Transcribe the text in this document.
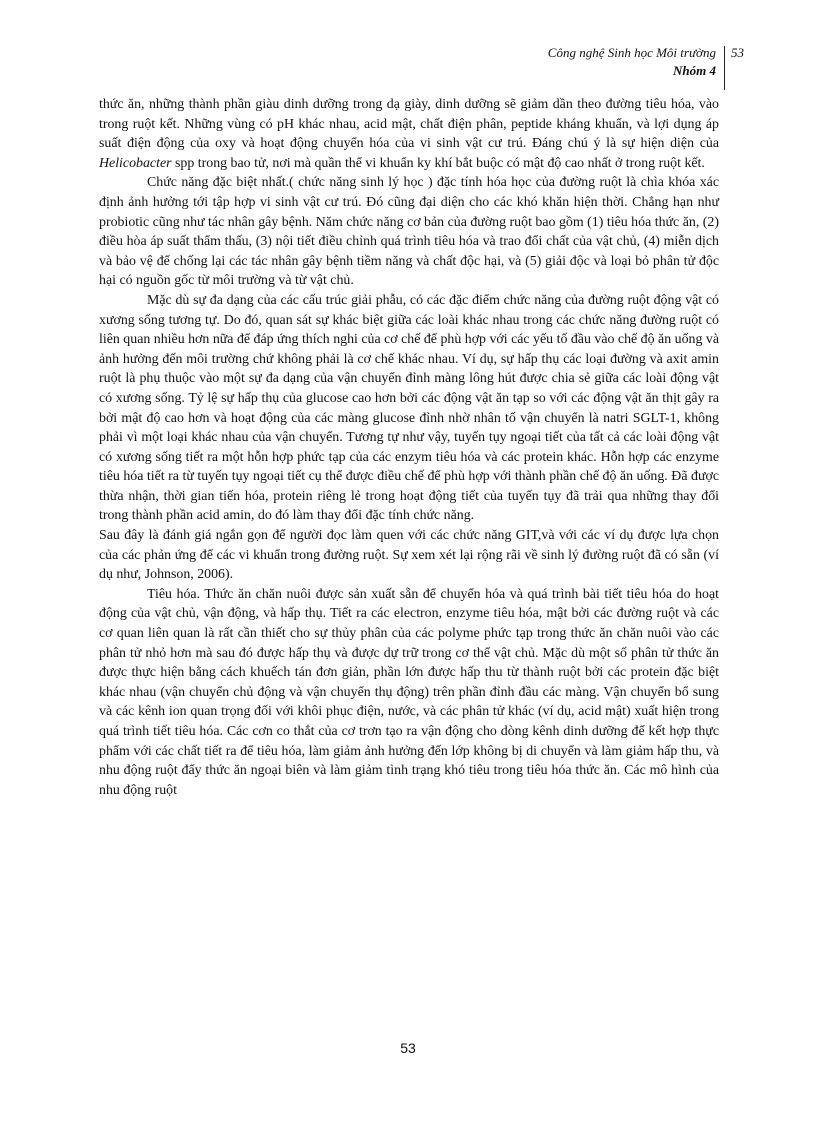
Công nghệ Sinh học Môi trường
Nhóm 4
53

thức ăn, những thành phần giàu dinh dưỡng trong dạ giày, dinh dưỡng sẽ giảm dần theo đường tiêu hóa, vào trong ruột kết. Những vùng có pH khác nhau, acid mật, chất điện phân, peptide kháng khuẩn, và lợi dụng áp suất điện động của oxy và hoạt động chuyển hóa của vi sinh vật cư trú. Đáng chú ý là sự hiện diện của Helicobacter spp trong bao tử, nơi mà quần thể vi khuẩn ky khí bắt buộc có mật độ cao nhất ở trong ruột kết.

Chức năng đặc biệt nhất.( chức năng sinh lý học ) đặc tính hóa học của đường ruột là chìa khóa xác định ảnh hưởng tới tập hợp vi sinh vật cư trú. Đó cũng đại diện cho các khó khăn hiện thời. Chẳng hạn như probiotic cũng như tác nhân gây bệnh. Năm chức năng cơ bản của đường ruột bao gồm (1) tiêu hóa thức ăn, (2) điều hòa áp suất thẩm thấu, (3) nội tiết điều chỉnh quá trình tiêu hóa và trao đổi chất của vật chủ, (4) miễn dịch và bảo vệ để chống lại các tác nhân gây bệnh tiềm năng và chất độc hại, và (5) giải độc và loại bỏ phân tử độc hại có nguồn gốc từ môi trường và từ vật chủ.

Mặc dù sự đa dạng của các cấu trúc giải phẫu, có các đặc điểm chức năng của đường ruột động vật có xương sống tương tự. Do đó, quan sát sự khác biệt giữa các loài khác nhau trong các chức năng đường ruột có liên quan nhiều hơn nữa để đáp ứng thích nghi của cơ chế để phù hợp với các yếu tố đầu vào chế độ ăn uống và ảnh hưởng đến môi trường chứ không phải là cơ chế khác nhau. Ví dụ, sự hấp thụ các loại đường và axit amin ruột là phụ thuộc vào một sự đa dạng của vận chuyển đỉnh màng lông hút được chia sẻ giữa các loài động vật có xương sống. Tỷ lệ sự hấp thụ của glucose cao hơn bởi các động vật ăn tạp so với các động vật ăn thịt gây ra bởi mật độ cao hơn và hoạt động của các màng glucose đỉnh nhờ nhân tố vận chuyển là natri SGLT-1, không phải vì một loại khác nhau của vận chuyển. Tương tự như vậy, tuyến tụy ngoại tiết của tất cả các loài động vật có xương sống tiết ra một hỗn hợp phức tạp của các enzym tiêu hóa và các protein khác. Hỗn hợp các enzyme tiêu hóa tiết ra từ tuyến tụy ngoại tiết cụ thể được điều chế để phù hợp với thành phần chế độ ăn uống. Đã được thừa nhận, thời gian tiến hóa, protein riêng lẻ trong hoạt động tiết của tuyến tụy đã trải qua những thay đổi trong thành phần acid amin, do đó làm thay đổi đặc tính chức năng.

Sau đây là đánh giá ngắn gọn để người đọc làm quen với các chức năng GIT,và với các ví dụ được lựa chọn của các phản ứng để các vi khuẩn trong đường ruột. Sự xem xét lại rộng rãi về sinh lý đường ruột đã có sẵn (ví dụ như, Johnson, 2006).

Tiêu hóa. Thức ăn chăn nuôi được sản xuất sẵn để chuyển hóa và quá trình bài tiết tiêu hóa do hoạt động của vật chủ, vận động, và hấp thụ. Tiết ra các electron, enzyme tiêu hóa, mật bởi các đường ruột và các cơ quan liên quan là rất cần thiết cho sự thủy phân của các polyme phức tạp trong thức ăn chăn nuôi vào các phân tử nhỏ hơn mà sau đó được hấp thụ và được dự trữ trong cơ thể vật chủ. Mặc dù một số phân tử thức ăn được thực hiện bằng cách khuếch tán đơn giản, phần lớn được hấp thu từ thành ruột bởi các protein đặc biệt khác nhau (vận chuyển chủ động và vận chuyển thụ động) trên phần đỉnh đầu các màng. Vận chuyển bổ sung và các kênh ion quan trọng đối với khôi phục điện, nước, và các phân tử khác (ví dụ, acid mật) xuất hiện trong quá trình tiết tiêu hóa. Các cơn co thắt của cơ trơn tạo ra vận động cho dòng kênh dinh dưỡng để kết hợp thực phẩm với các chất tiết ra để tiêu hóa, làm giảm ảnh hưởng đến lớp không bị di chuyển và làm giảm hấp thu, và nhu động ruột đẩy thức ăn ngoại biên và làm giảm tình trạng khó tiêu trong tiêu hóa thức ăn. Các mô hình của nhu động ruột

53
